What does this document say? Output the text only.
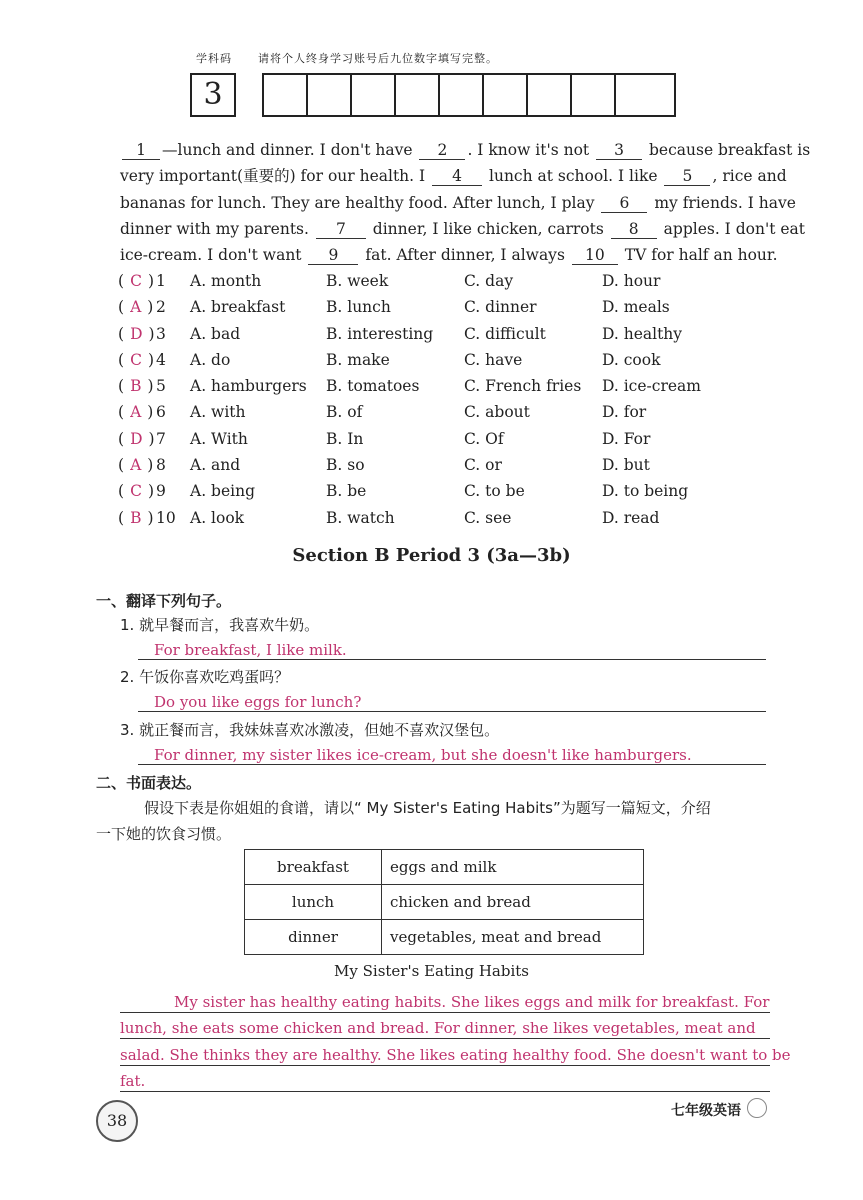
学科码 请将个人终身学习账号后九位数字填写完整。
3
1 —lunch and dinner. I don't have 2 . I know it's not 3 because breakfast is
very important(重要的) for our health. I 4 lunch at school. I like 5 , rice and
bananas for lunch. They are healthy food. After lunch, I play 6 my friends. I have
dinner with my parents. 7 dinner, I like chicken, carrots 8 apples. I don't eat
ice-cream. I don't want 9 fat. After dinner, I always 10 TV for half an hour.
( C ) 1 A. month	B. week	C. day	D. hour
( A ) 2 A. breakfast	B. lunch	C. dinner	D. meals
( D ) 3 A. bad	B. interesting C. difficult	D. healthy
( C ) 4 A. do	B. make	C. have	D. cook
( B ) 5 A. hamburgers B. tomatoes	C. French fries D. ice-cream
( A ) 6 A. with	B. of	C. about	D. for
( D ) 7 A. With	B. In	C. Of	D. For
( A ) 8 A. and	B. so	C. or	D. but
( C ) 9 A. being	B. be	C. to be	D. to being
( B ) 10 A. look	B. watch	C. see	D. read
Section B Period 3 (3a—3b)
一、翻译下列句子。
1. 就早餐而言，我喜欢牛奶。
For breakfast, I like milk.
2. 午饭你喜欢吃鸡蛋吗？
Do you like eggs for lunch?
3. 就正餐而言，我妹妹喜欢冰激凌，但她不喜欢汉堡包。
For dinner, my sister likes ice-cream, but she doesn't like hamburgers.
二、书面表达。
假设下表是你姐姐的食谱，请以“ My Sister's Eating Habits”为题写一篇短文，介绍
一下她的饮食习惯。
breakfast	eggs and milk
lunch	chicken and bread
dinner	vegetables, meat and bread
My Sister's Eating Habits
My sister has healthy eating habits. She likes eggs and milk for breakfast. For
lunch, she eats some chicken and bread. For dinner, she likes vegetables, meat and
salad. She thinks they are healthy. She likes eating healthy food. She doesn't want to be
fat.
38	七年级英语
